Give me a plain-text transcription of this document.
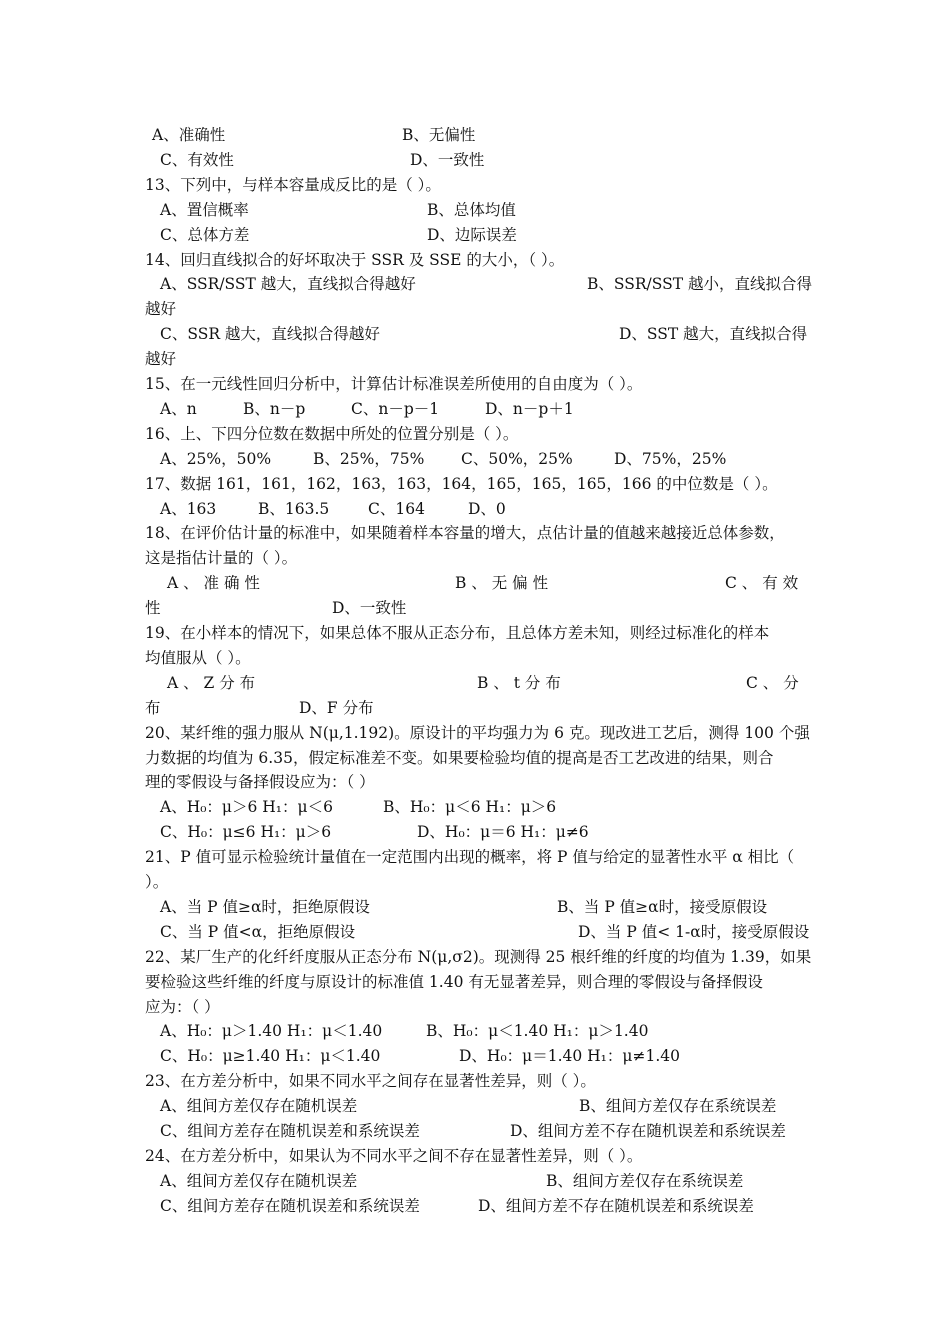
A、准确性	B、无偏性
C、有效性	D、一致性
13、下列中，与样本容量成反比的是（ ）。
A、置信概率	B、总体均值
C、总体方差	D、边际误差
14、回归直线拟合的好坏取决于 SSR 及 SSE 的大小，（ ）。
A、SSR/SST 越大，直线拟合得越好	B、SSR/SST 越小，直线拟合得
越好
C、SSR 越大，直线拟合得越好	D、SST 越大，直线拟合得
越好
15、在一元线性回归分析中，计算估计标准误差所使用的自由度为（ ）。
A、n	B、n－p	C、n－p－1	D、n－p＋1
16、上、下四分位数在数据中所处的位置分别是（ ）。
A、25%，50%	B、25%，75% C、50%，25%	D、75%，25%
17、数据 161，161，162，163，163，164，165，165，165，166 的中位数是（ ）。
A、163	B、163.5 C、164	D、0
18、在评价估计量的标准中，如果随着样本容量的增大，点估计量的值越来越接近总体参数，
这是指估计量的（ ）。
A 、 准 确 性	B 、 无 偏 性	C 、 有 效
性	D、一致性
19、在小样本的情况下，如果总体不服从正态分布，且总体方差未知，则经过标准化的样本
均值服从（ ）。
A 、 Z 分 布	B 、 t 分 布	C 、 分
布	D、F 分布
20、某纤维的强力服从 N(μ,1.192)。原设计的平均强力为 6 克。现改进工艺后，测得 100 个强
力数据的均值为 6.35，假定标准差不变。如果要检验均值的提高是否工艺改进的结果，则合
理的零假设与备择假设应为：（ ）
A、H₀：μ＞6 H₁：μ＜6	B、H₀：μ＜6 H₁：μ＞6
C、H₀：μ≤6 H₁：μ＞6	D、H₀：μ＝6 H₁：μ≠6
21、P 值可显示检验统计量值在一定范围内出现的概率，将 P 值与给定的显著性水平 α 相比（
）。
A、当 P 值≥α时，拒绝原假设	B、当 P 值≥α时，接受原假设
C、当 P 值<α，拒绝原假设	D、当 P 值< 1-α时，接受原假设
22、某厂生产的化纤纤度服从正态分布 N(μ,σ2)。现测得 25 根纤维的纤度的均值为 1.39，如果
要检验这些纤维的纤度与原设计的标准值 1.40 有无显著差异，则合理的零假设与备择假设
应为：（ ）
A、H₀：μ＞1.40 H₁：μ＜1.40	B、H₀：μ＜1.40 H₁：μ＞1.40
C、H₀：μ≥1.40 H₁：μ＜1.40	D、H₀：μ＝1.40 H₁：μ≠1.40
23、在方差分析中，如果不同水平之间存在显著性差异，则（ ）。
A、组间方差仅存在随机误差	B、组间方差仅存在系统误差
C、组间方差存在随机误差和系统误差	D、组间方差不存在随机误差和系统误差
24、在方差分析中，如果认为不同水平之间不存在显著性差异，则（ ）。
A、组间方差仅存在随机误差	B、组间方差仅存在系统误差
C、组间方差存在随机误差和系统误差	D、组间方差不存在随机误差和系统误差
